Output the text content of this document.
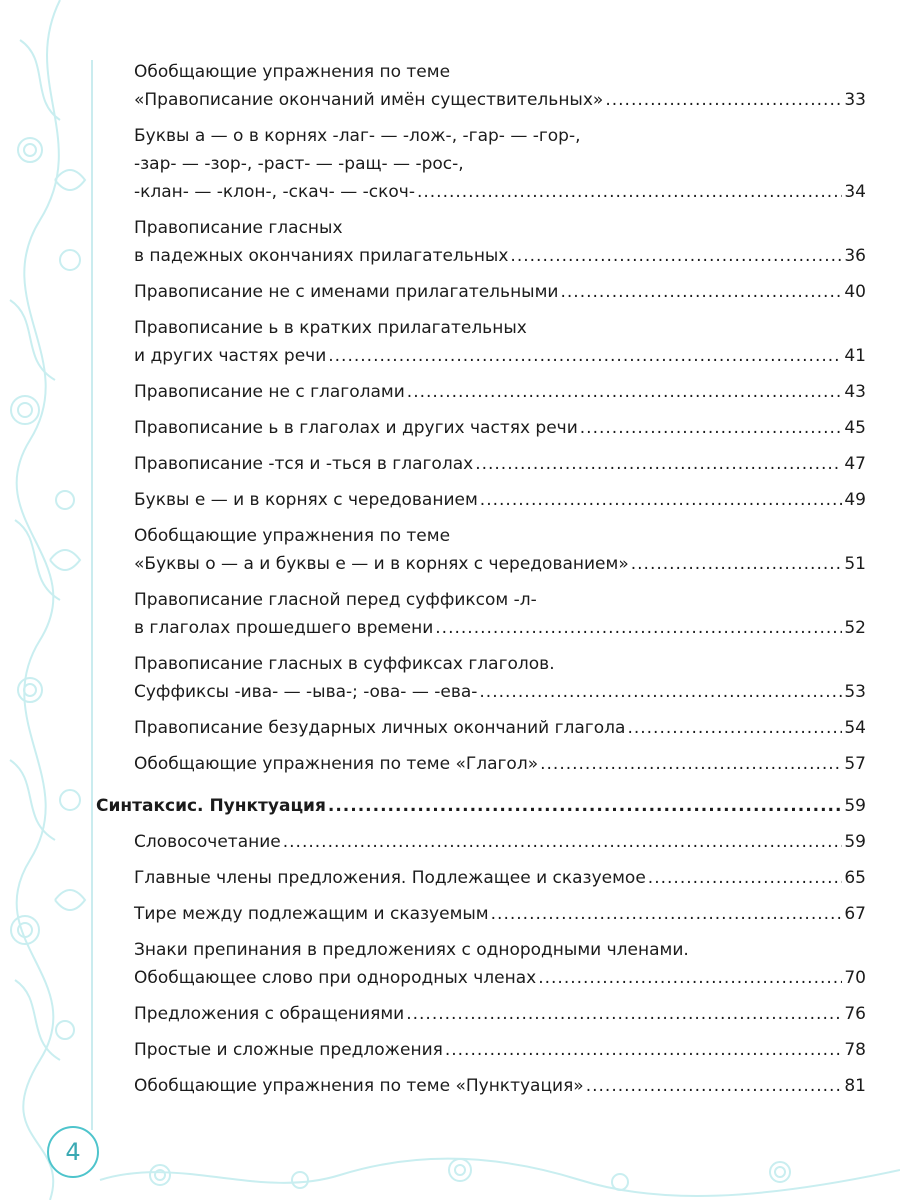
Обобщающие упражнения по теме
«Правописание окончаний имён существительных» .....	33
Буквы а — о в корнях -лаг- — -лож-, -гар- — -гор-,
-зар- — -зор-, -раст- — -ращ- — -рос-,
-клан- — -клон-, -скач- — -скоч- .....	34
Правописание гласных
в падежных окончаниях прилагательных .....	36
Правописание не с именами прилагательными .....	40
Правописание ь в кратких прилагательных
и других частях речи .....	41
Правописание не с глаголами .....	43
Правописание ь в глаголах и других частях речи .....	45
Правописание -тся и -ться в глаголах .....	47
Буквы е — и в корнях с чередованием .....	49
Обобщающие упражнения по теме
«Буквы о — а и буквы е — и в корнях с чередованием» .....	51
Правописание гласной перед суффиксом -л-
в глаголах прошедшего времени .....	52
Правописание гласных в суффиксах глаголов.
Суффиксы -ива- — -ыва-; -ова- — -ева- .....	53
Правописание безударных личных окончаний глагола .....	54
Обобщающие упражнения по теме «Глагол» .....	57
Синтаксис. Пунктуация .....	59
Словосочетание .....	59
Главные члены предложения. Подлежащее и сказуемое .....	65
Тире между подлежащим и сказуемым .....	67
Знаки препинания в предложениях с однородными членами.
Обобщающее слово при однородных членах .....	70
Предложения с обращениями .....	76
Простые и сложные предложения .....	78
Обобщающие упражнения по теме «Пунктуация» .....	81
4
